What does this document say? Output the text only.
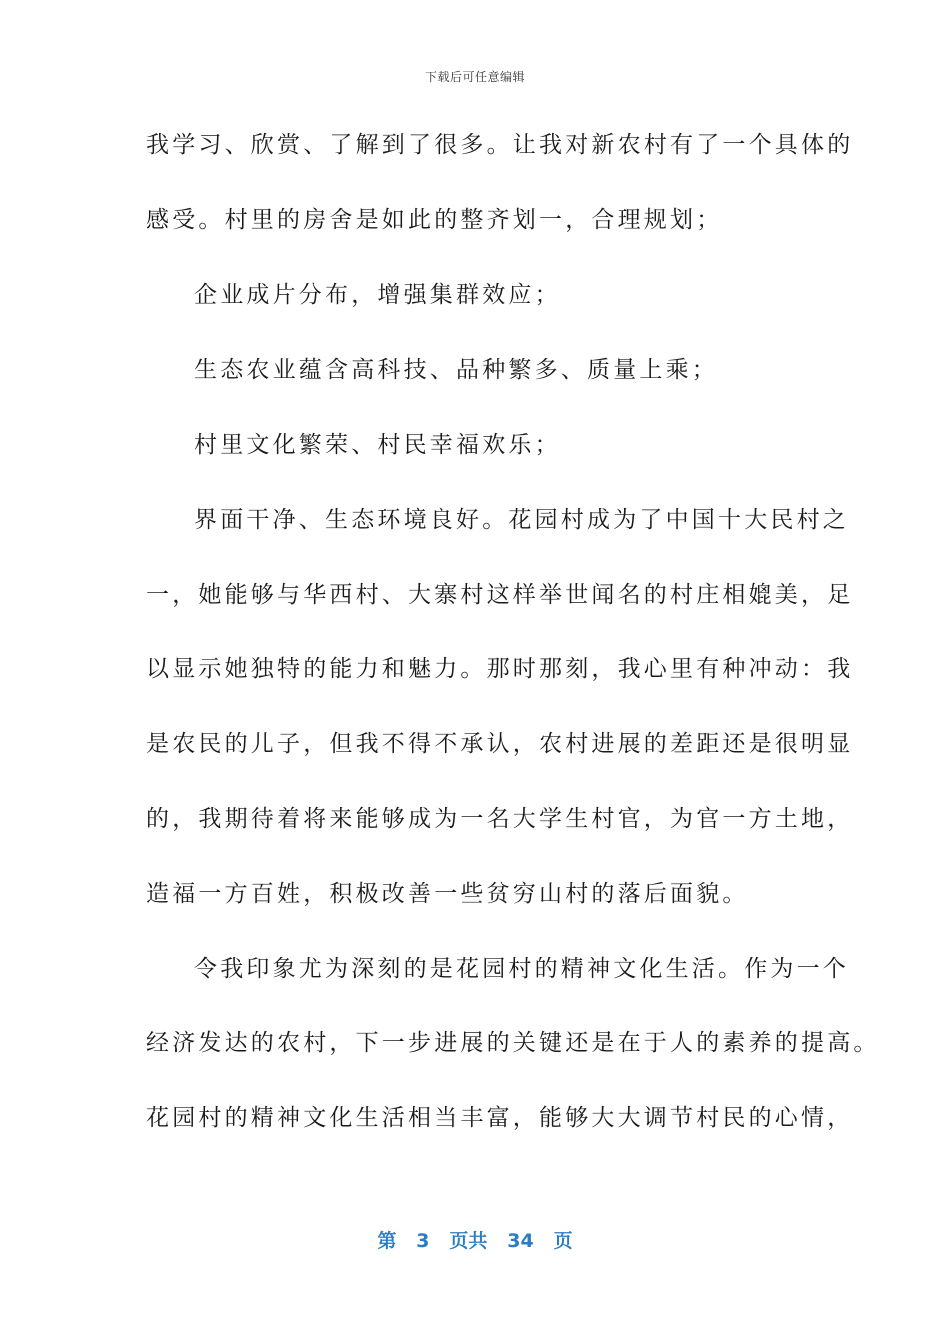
下载后可任意编辑
我学习、欣赏、了解到了很多。让我对新农村有了一个具体的
感受。村里的房舍是如此的整齐划一，合理规划；
企业成片分布，增强集群效应；
生态农业蕴含高科技、品种繁多、质量上乘；
村里文化繁荣、村民幸福欢乐；
界面干净、生态环境良好。花园村成为了中国十大民村之
一，她能够与华西村、大寨村这样举世闻名的村庄相媲美，足
以显示她独特的能力和魅力。那时那刻，我心里有种冲动：我
是农民的儿子，但我不得不承认，农村进展的差距还是很明显
的，我期待着将来能够成为一名大学生村官，为官一方土地，
造福一方百姓，积极改善一些贫穷山村的落后面貌。
令我印象尤为深刻的是花园村的精神文化生活。作为一个
经济发达的农村，下一步进展的关键还是在于人的素养的提高。
花园村的精神文化生活相当丰富，能够大大调节村民的心情，
第 3 页共 34 页
